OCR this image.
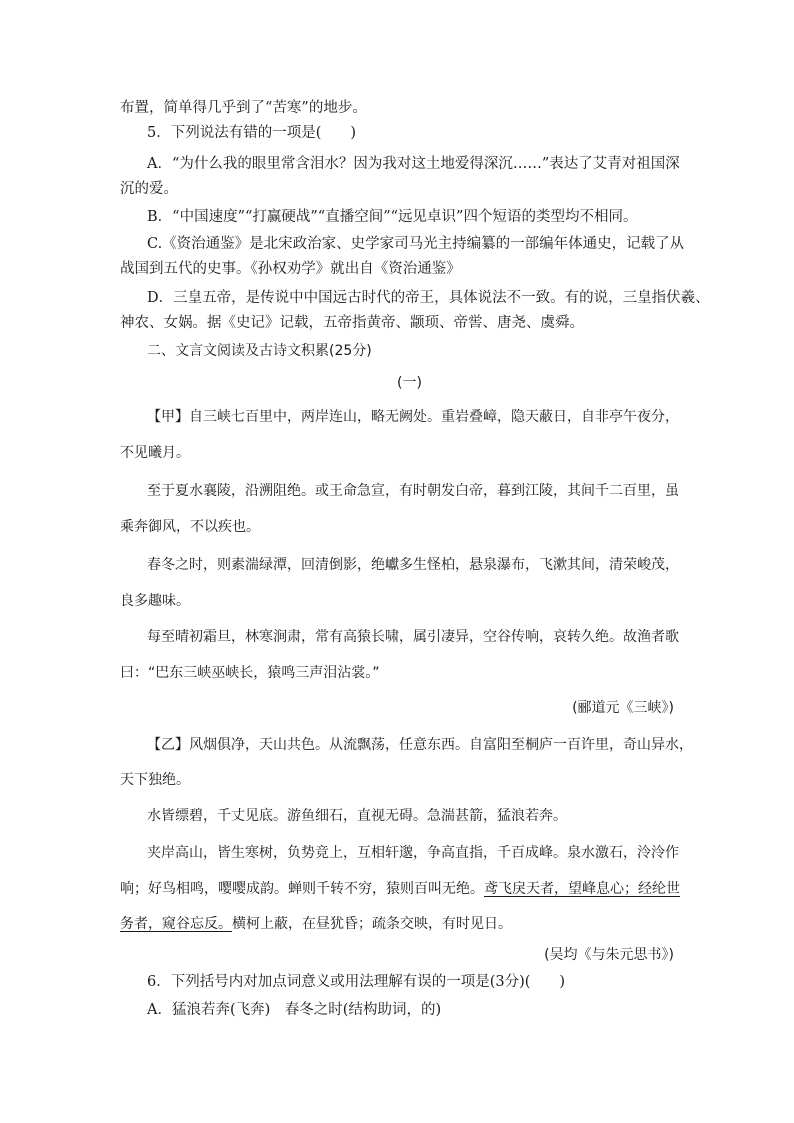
布置，简单得几乎到了“苦寒”的地步。
5．下列说法有错的一项是(　　)
A．“为什么我的眼里常含泪水？因为我对这土地爱得深沉……”表达了艾青对祖国深
沉的爱。
B．“中国速度”“打赢硬战”“直播空间”“远见卓识”四个短语的类型均不相同。
C.《资治通鉴》是北宋政治家、史学家司马光主持编纂的一部编年体通史，记载了从
战国到五代的史事。《孙权劝学》就出自《资治通鉴》
D．三皇五帝，是传说中中国远古时代的帝王，具体说法不一致。有的说，三皇指伏羲、
神农、女娲。据《史记》记载，五帝指黄帝、颛顼、帝喾、唐尧、虞舜。
二、文言文阅读及古诗文积累(25分)
(一)
【甲】自三峡七百里中，两岸连山，略无阙处。重岩叠嶂，隐天蔽日，自非亭午夜分，
不见曦月。
至于夏水襄陵，沿溯阻绝。或王命急宣，有时朝发白帝，暮到江陵，其间千二百里，虽
乘奔御风，不以疾也。
春冬之时，则素湍绿潭，回清倒影，绝巘多生怪柏，悬泉瀑布，飞漱其间，清荣峻茂，
良多趣味。
每至晴初霜旦，林寒涧肃，常有高猿长啸，属引凄异，空谷传响，哀转久绝。故渔者歌
曰：“巴东三峡巫峡长，猿鸣三声泪沾裳。”
(郦道元《三峡》)
【乙】风烟俱净，天山共色。从流飘荡，任意东西。自富阳至桐庐一百许里，奇山异水，
天下独绝。
水皆缥碧，千丈见底。游鱼细石，直视无碍。急湍甚箭，猛浪若奔。
夹岸高山，皆生寒树，负势竞上，互相轩邈，争高直指，千百成峰。泉水激石，泠泠作
响；好鸟相鸣，嘤嘤成韵。蝉则千转不穷，猿则百叫无绝。鸢飞戾天者，望峰息心；经纶世
务者，窥谷忘反。横柯上蔽，在昼犹昏；疏条交映，有时见日。
(吴均《与朱元思书》)
6．下列括号内对加点词意义或用法理解有误的一项是(3分)(　　)
A．猛浪若奔(飞奔)　春冬之时(结构助词，的)
